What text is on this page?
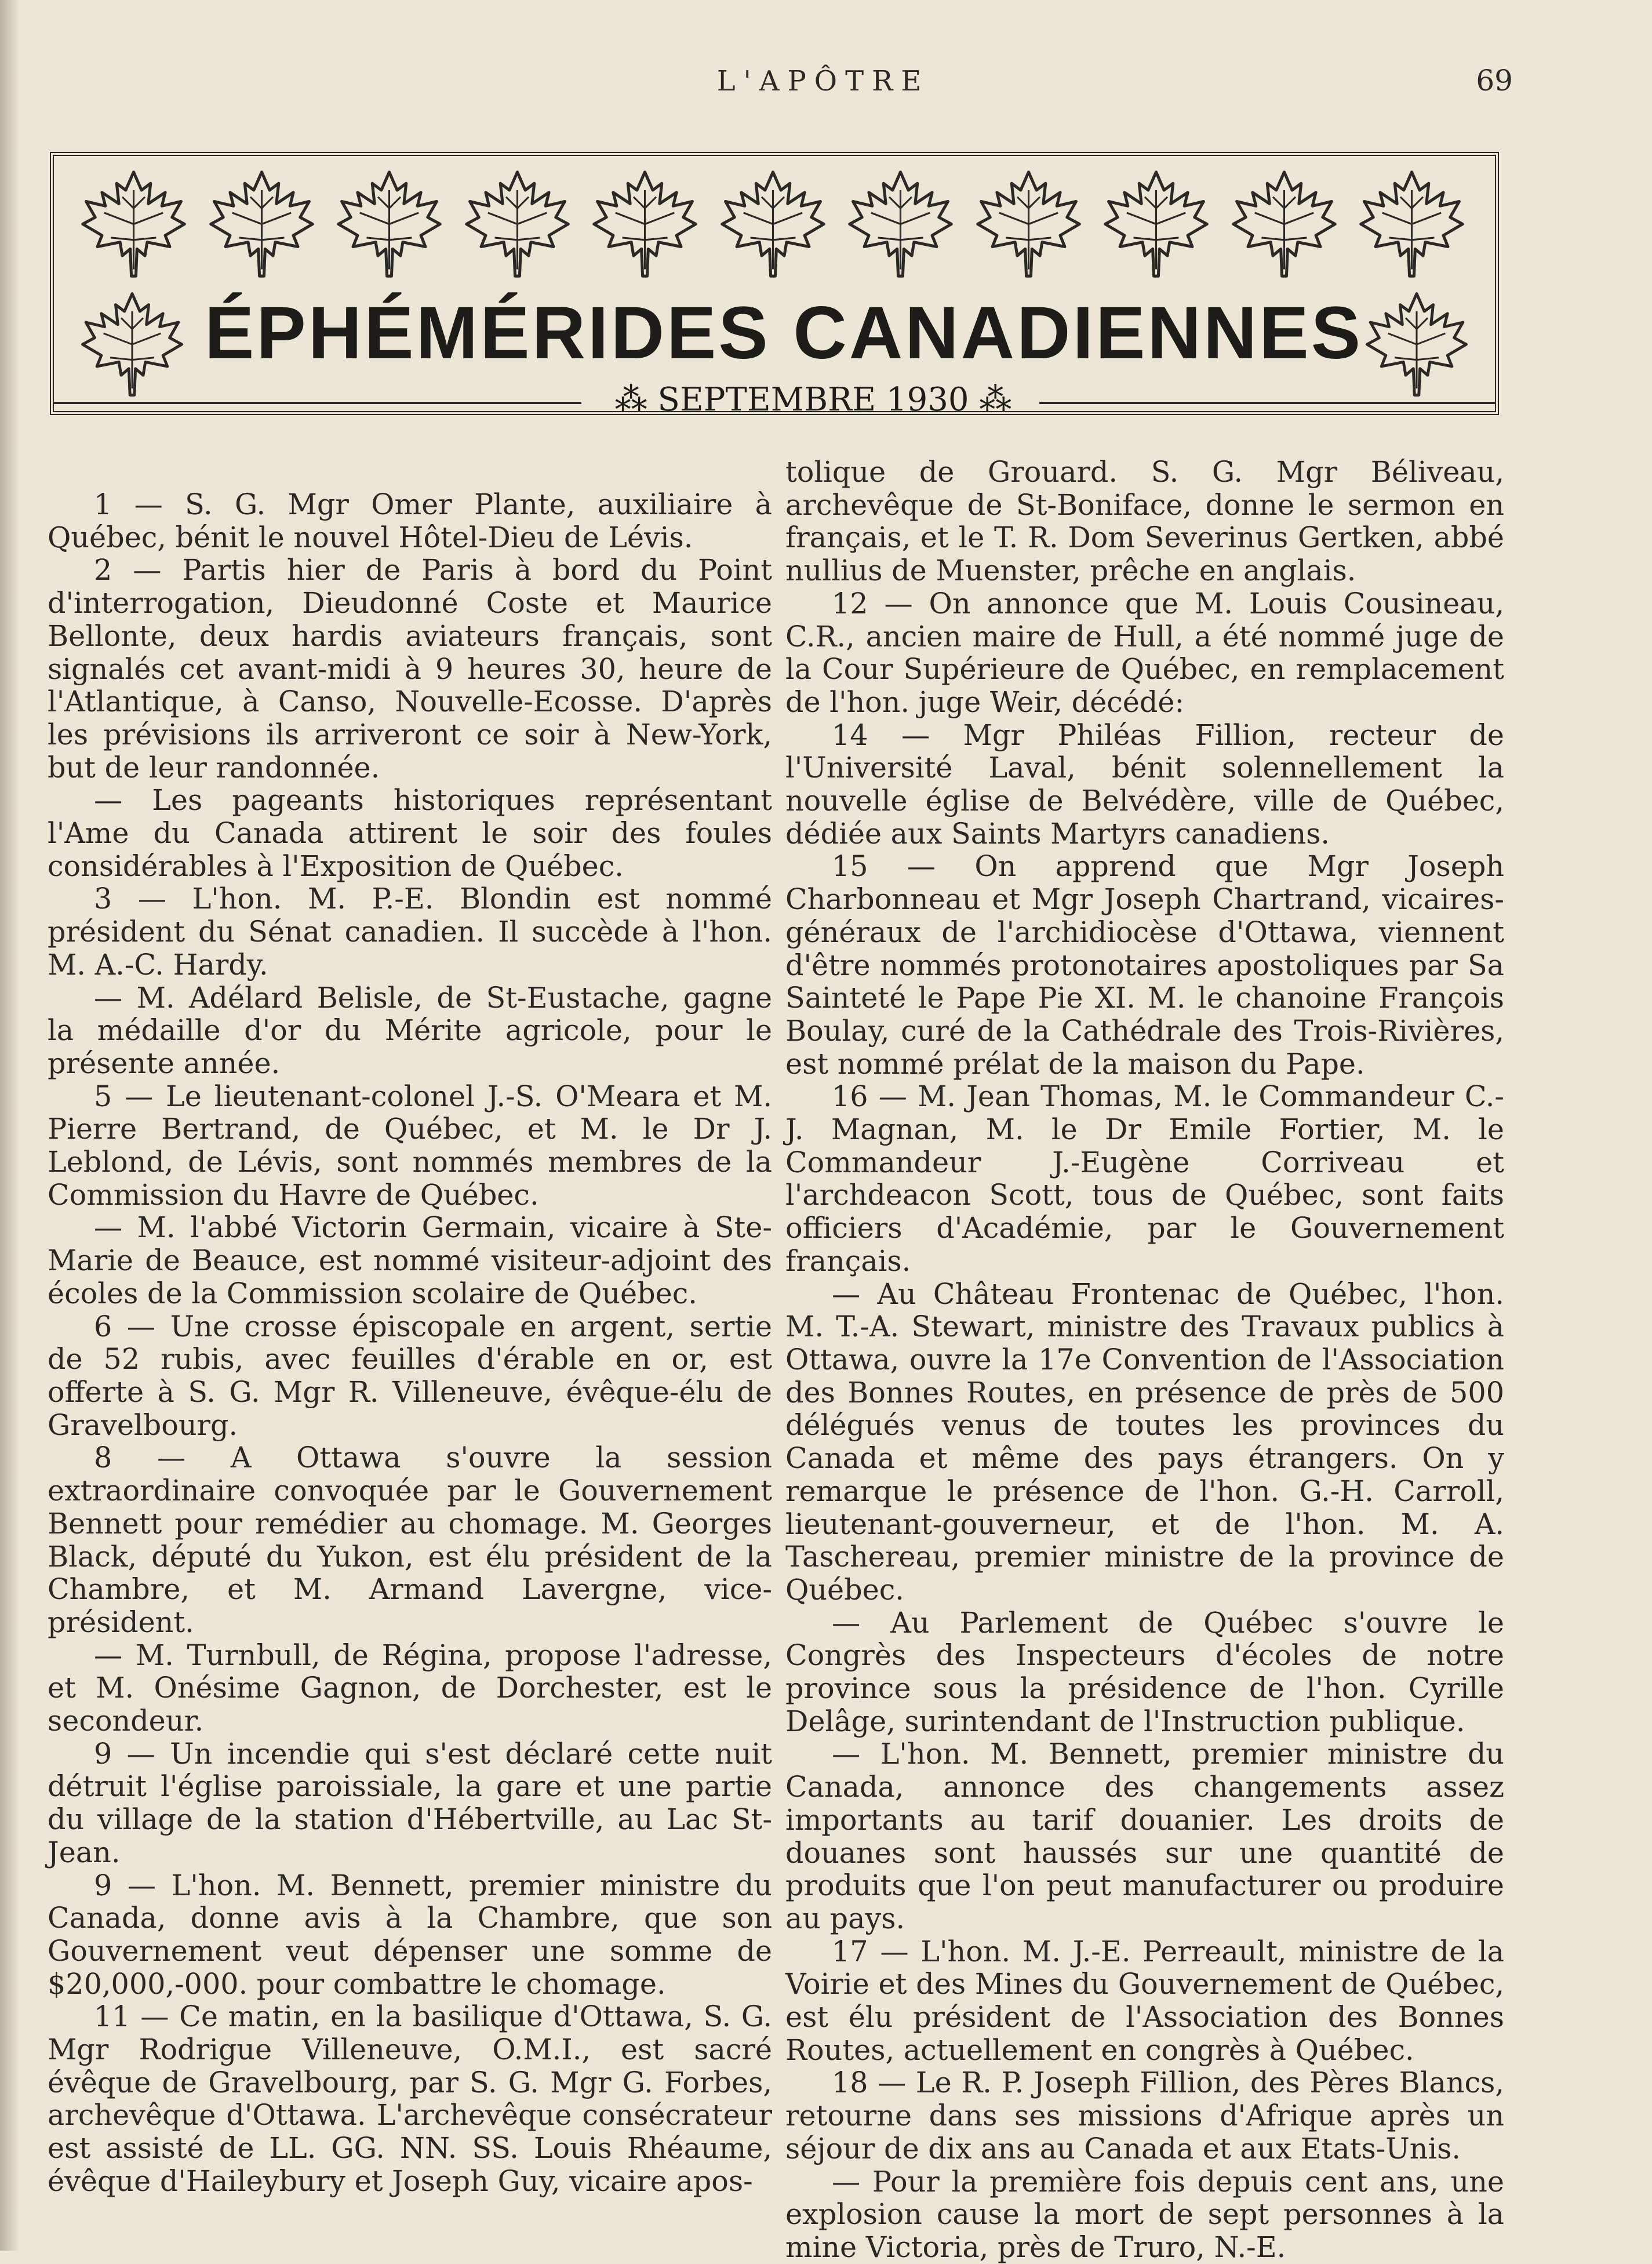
L'APÔTRE	69
ÉPHÉMÉRIDES CANADIENNES
⁂ SEPTEMBRE 1930 ⁂

1 — S. G. Mgr Omer Plante, auxiliaire à Québec, bénit le nouvel Hôtel-Dieu de Lévis.

2 — Partis hier de Paris à bord du Point d'interrogation, Dieudonné Coste et Maurice Bellonte, deux hardis aviateurs français, sont signalés cet avant-midi à 9 heures 30, heure de l'Atlantique, à Canso, Nouvelle-Ecosse. D'après les prévisions ils arriveront ce soir à New-York, but de leur randonnée.

— Les pageants historiques représentant l'Ame du Canada attirent le soir des foules considérables à l'Exposition de Québec.

3 — L'hon. M. P.-E. Blondin est nommé président du Sénat canadien. Il succède à l'hon. M. A.-C. Hardy.

— M. Adélard Belisle, de St-Eustache, gagne la médaille d'or du Mérite agricole, pour le présente année.

5 — Le lieutenant-colonel J.-S. O'Meara et M. Pierre Bertrand, de Québec, et M. le Dr J. Leblond, de Lévis, sont nommés membres de la Commission du Havre de Québec.

— M. l'abbé Victorin Germain, vicaire à Ste-Marie de Beauce, est nommé visiteur-adjoint des écoles de la Commission scolaire de Québec.

6 — Une crosse épiscopale en argent, sertie de 52 rubis, avec feuilles d'érable en or, est offerte à S. G. Mgr R. Villeneuve, évêque-élu de Gravelbourg.

8 — A Ottawa s'ouvre la session extraordinaire convoquée par le Gouvernement Bennett pour remédier au chomage. M. Georges Black, député du Yukon, est élu président de la Chambre, et M. Armand Lavergne, vice-président.

— M. Turnbull, de Régina, propose l'adresse, et M. Onésime Gagnon, de Dorchester, est le secondeur.

9 — Un incendie qui s'est déclaré cette nuit détruit l'église paroissiale, la gare et une partie du village de la station d'Hébertville, au Lac St-Jean.

9 — L'hon. M. Bennett, premier ministre du Canada, donne avis à la Chambre, que son Gouvernement veut dépenser une somme de $20,000,-000. pour combattre le chomage.

11 — Ce matin, en la basilique d'Ottawa, S. G. Mgr Rodrigue Villeneuve, O.M.I., est sacré évêque de Gravelbourg, par S. G. Mgr G. Forbes, archevêque d'Ottawa. L'archevêque consécrateur est assisté de LL. GG. NN. SS. Louis Rhéaume, évêque d'Haileybury et Joseph Guy, vicaire apos-

tolique de Grouard. S. G. Mgr Béliveau, archevêque de St-Boniface, donne le sermon en français, et le T. R. Dom Severinus Gertken, abbé nullius de Muenster, prêche en anglais.

12 — On annonce que M. Louis Cousineau, C.R., ancien maire de Hull, a été nommé juge de la Cour Supérieure de Québec, en remplacement de l'hon. juge Weir, décédé:

14 — Mgr Philéas Fillion, recteur de l'Université Laval, bénit solennellement la nouvelle église de Belvédère, ville de Québec, dédiée aux Saints Martyrs canadiens.

15 — On apprend que Mgr Joseph Charbonneau et Mgr Joseph Chartrand, vicaires-généraux de l'archidiocèse d'Ottawa, viennent d'être nommés protonotaires apostoliques par Sa Sainteté le Pape Pie XI. M. le chanoine François Boulay, curé de la Cathédrale des Trois-Rivières, est nommé prélat de la maison du Pape.

16 — M. Jean Thomas, M. le Commandeur C.-J. Magnan, M. le Dr Emile Fortier, M. le Commandeur J.-Eugène Corriveau et l'archdeacon Scott, tous de Québec, sont faits officiers d'Académie, par le Gouvernement français.

— Au Château Frontenac de Québec, l'hon. M. T.-A. Stewart, ministre des Travaux publics à Ottawa, ouvre la 17e Convention de l'Association des Bonnes Routes, en présence de près de 500 délégués venus de toutes les provinces du Canada et même des pays étrangers. On y remarque le présence de l'hon. G.-H. Carroll, lieutenant-gouverneur, et de l'hon. M. A. Taschereau, premier ministre de la province de Québec.

— Au Parlement de Québec s'ouvre le Congrès des Inspecteurs d'écoles de notre province sous la présidence de l'hon. Cyrille Delâge, surintendant de l'Instruction publique.

— L'hon. M. Bennett, premier ministre du Canada, annonce des changements assez importants au tarif douanier. Les droits de douanes sont haussés sur une quantité de produits que l'on peut manufacturer ou produire au pays.

17 — L'hon. M. J.-E. Perreault, ministre de la Voirie et des Mines du Gouvernement de Québec, est élu président de l'Association des Bonnes Routes, actuellement en congrès à Québec.

18 — Le R. P. Joseph Fillion, des Pères Blancs, retourne dans ses missions d'Afrique après un séjour de dix ans au Canada et aux Etats-Unis.

— Pour la première fois depuis cent ans, une explosion cause la mort de sept personnes à la mine Victoria, près de Truro, N.-E.
